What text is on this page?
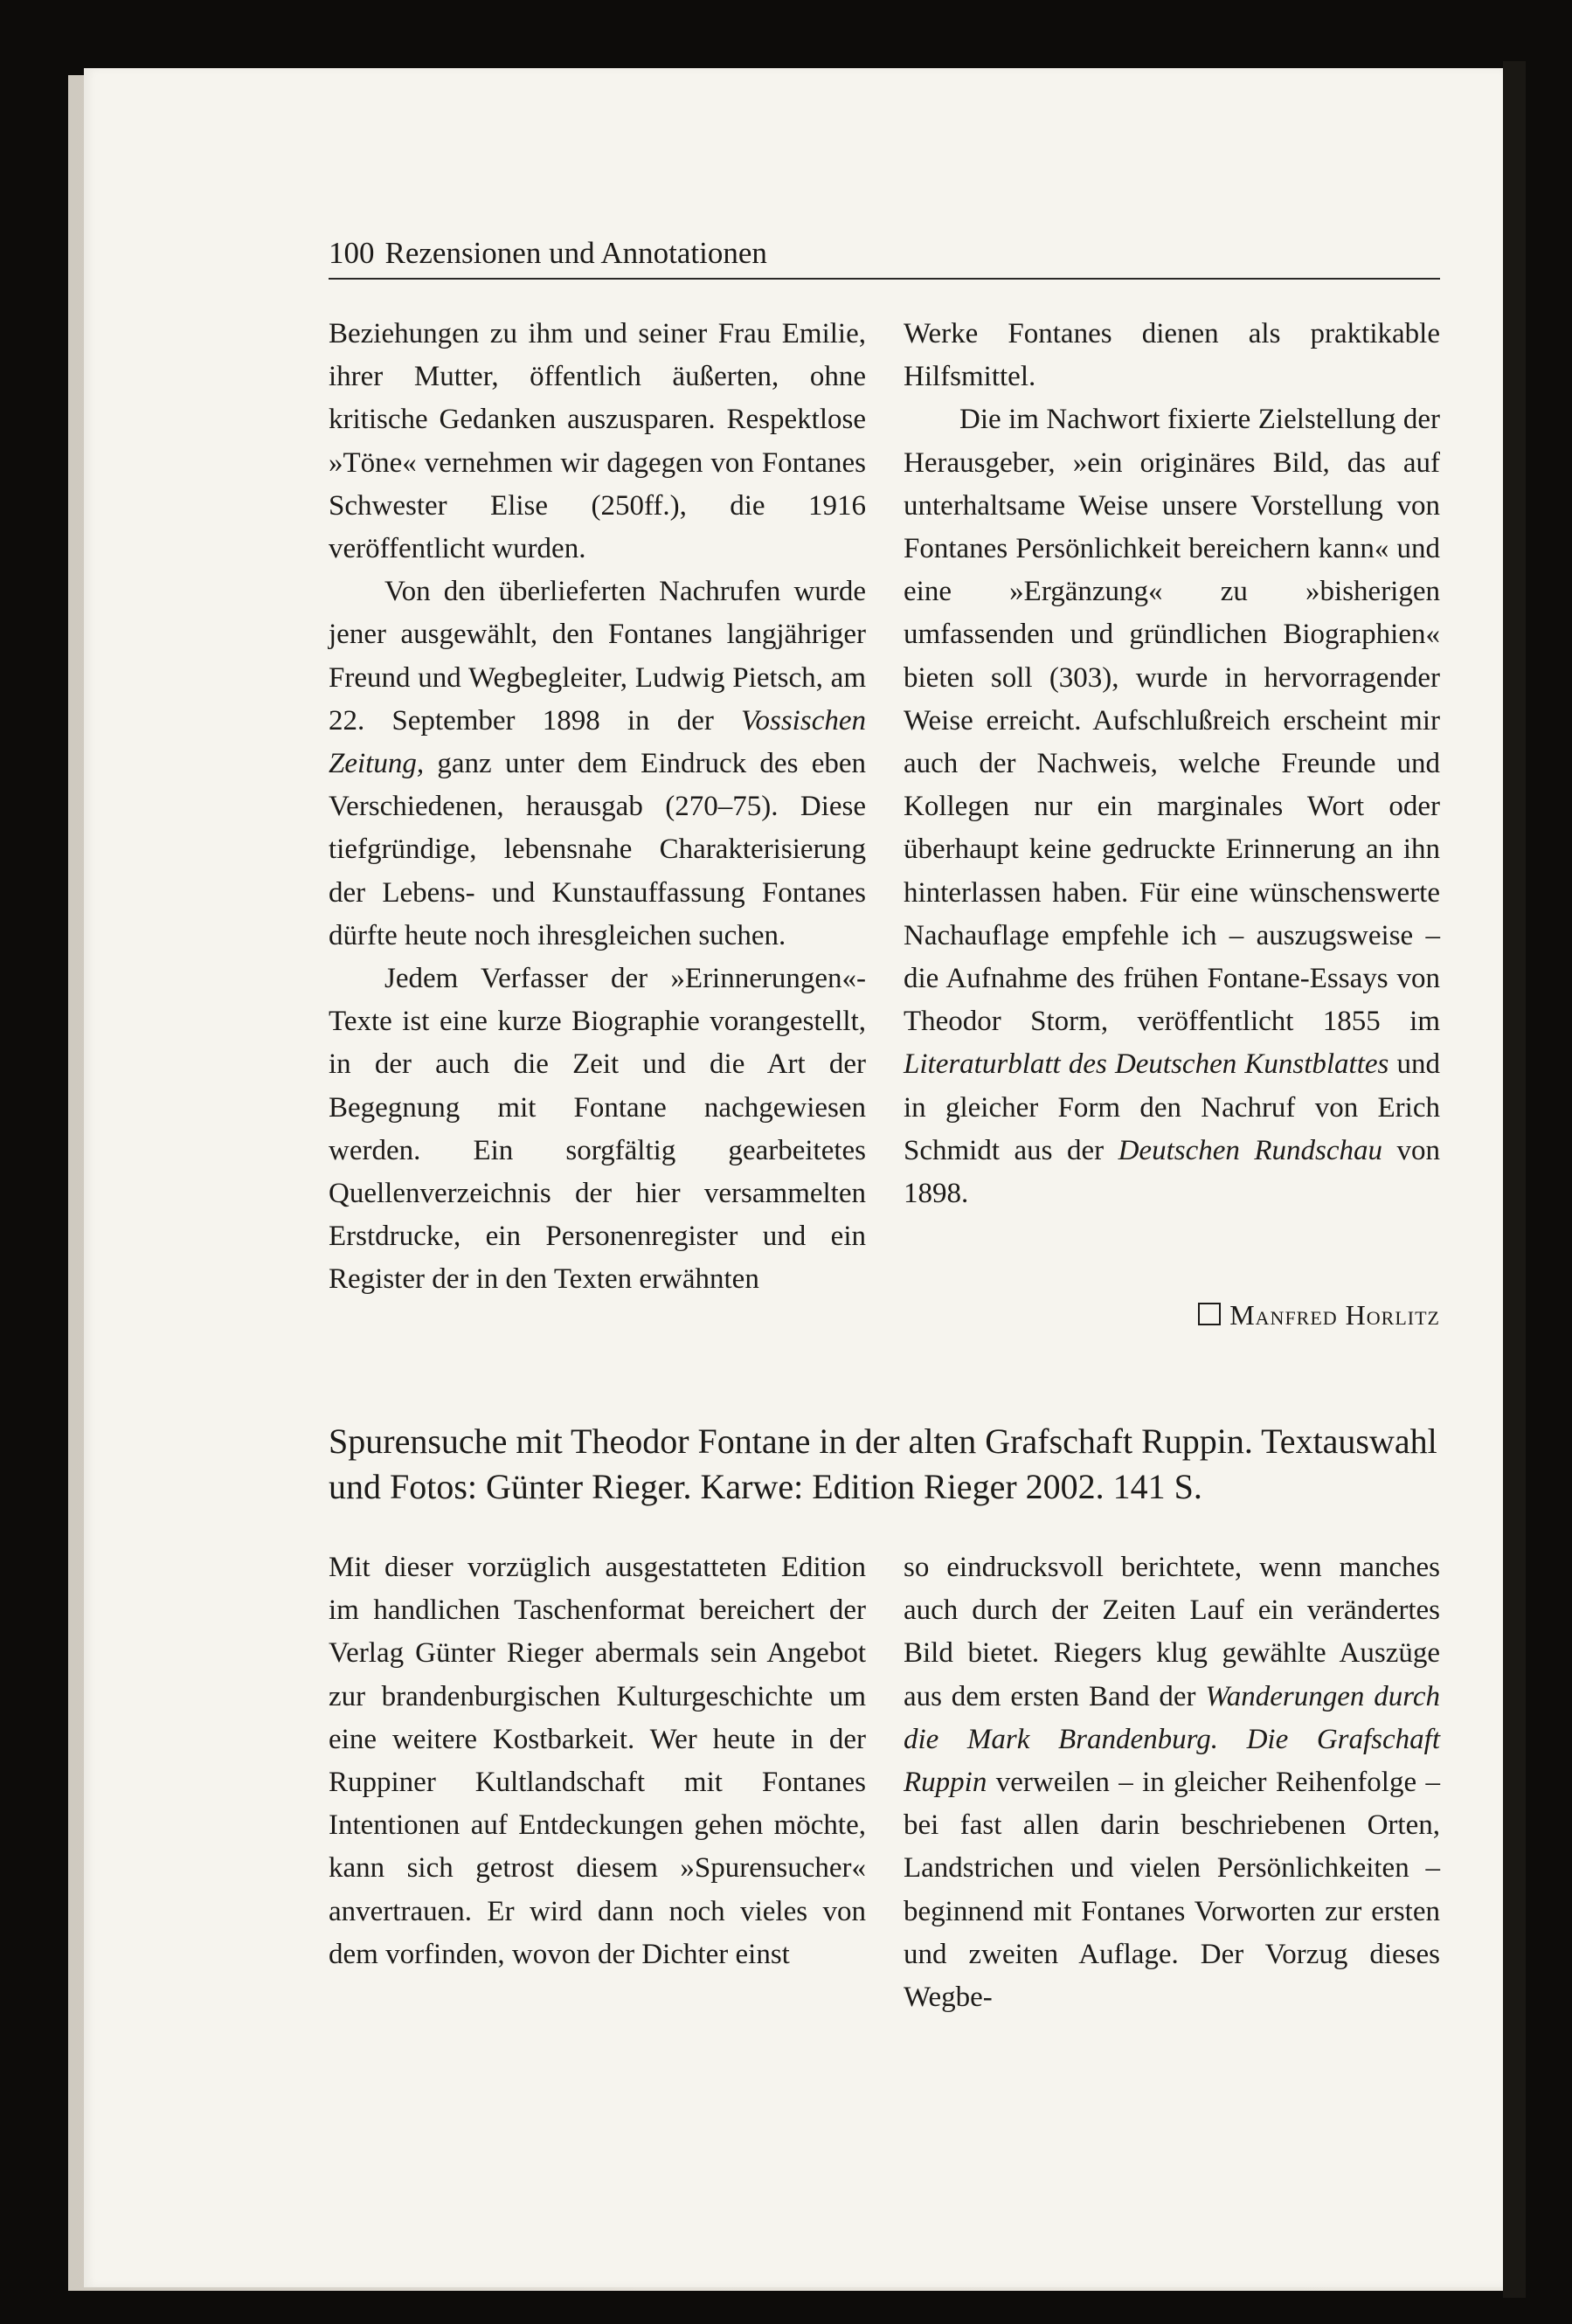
100 Rezensionen und Annotationen

Beziehungen zu ihm und seiner Frau Emilie, ihrer Mutter, öffentlich äußerten, ohne kritische Gedanken auszusparen. Respektlose »Töne« vernehmen wir dagegen von Fontanes Schwester Elise (250ff.), die 1916 veröffentlicht wurden.

Von den überlieferten Nachrufen wurde jener ausgewählt, den Fontanes langjähriger Freund und Wegbegleiter, Ludwig Pietsch, am 22. September 1898 in der Vossischen Zeitung, ganz unter dem Eindruck des eben Verschiedenen, herausgab (270–75). Diese tiefgründige, lebensnahe Charakterisierung der Lebens- und Kunstauffassung Fontanes dürfte heute noch ihresgleichen suchen.

Jedem Verfasser der »Erinnerungen«-Texte ist eine kurze Biographie vorangestellt, in der auch die Zeit und die Art der Begegnung mit Fontane nachgewiesen werden. Ein sorgfältig gearbeitetes Quellenverzeichnis der hier versammelten Erstdrucke, ein Personenregister und ein Register der in den Texten erwähnten

Werke Fontanes dienen als praktikable Hilfsmittel.

Die im Nachwort fixierte Zielstellung der Herausgeber, »ein originäres Bild, das auf unterhaltsame Weise unsere Vorstellung von Fontanes Persönlichkeit bereichern kann« und eine »Ergänzung« zu »bisherigen umfassenden und gründlichen Biographien« bieten soll (303), wurde in hervorragender Weise erreicht. Aufschlußreich erscheint mir auch der Nachweis, welche Freunde und Kollegen nur ein marginales Wort oder überhaupt keine gedruckte Erinnerung an ihn hinterlassen haben. Für eine wünschenswerte Nachauflage empfehle ich – auszugsweise – die Aufnahme des frühen Fontane-Essays von Theodor Storm, veröffentlicht 1855 im Literaturblatt des Deutschen Kunstblattes und in gleicher Form den Nachruf von Erich Schmidt aus der Deutschen Rundschau von 1898.

Manfred Horlitz

Spurensuche mit Theodor Fontane in der alten Grafschaft Ruppin. Textauswahl und Fotos: Günter Rieger. Karwe: Edition Rieger 2002. 141 S.

Mit dieser vorzüglich ausgestatteten Edition im handlichen Taschenformat bereichert der Verlag Günter Rieger abermals sein Angebot zur brandenburgischen Kulturgeschichte um eine weitere Kostbarkeit. Wer heute in der Ruppiner Kultlandschaft mit Fontanes Intentionen auf Entdeckungen gehen möchte, kann sich getrost diesem »Spurensucher« anvertrauen. Er wird dann noch vieles von dem vorfinden, wovon der Dichter einst

so eindrucksvoll berichtete, wenn manches auch durch der Zeiten Lauf ein verändertes Bild bietet. Riegers klug gewählte Auszüge aus dem ersten Band der Wanderungen durch die Mark Brandenburg. Die Grafschaft Ruppin verweilen – in gleicher Reihenfolge – bei fast allen darin beschriebenen Orten, Landstrichen und vielen Persönlichkeiten – beginnend mit Fontanes Vorworten zur ersten und zweiten Auflage. Der Vorzug dieses Wegbe-
